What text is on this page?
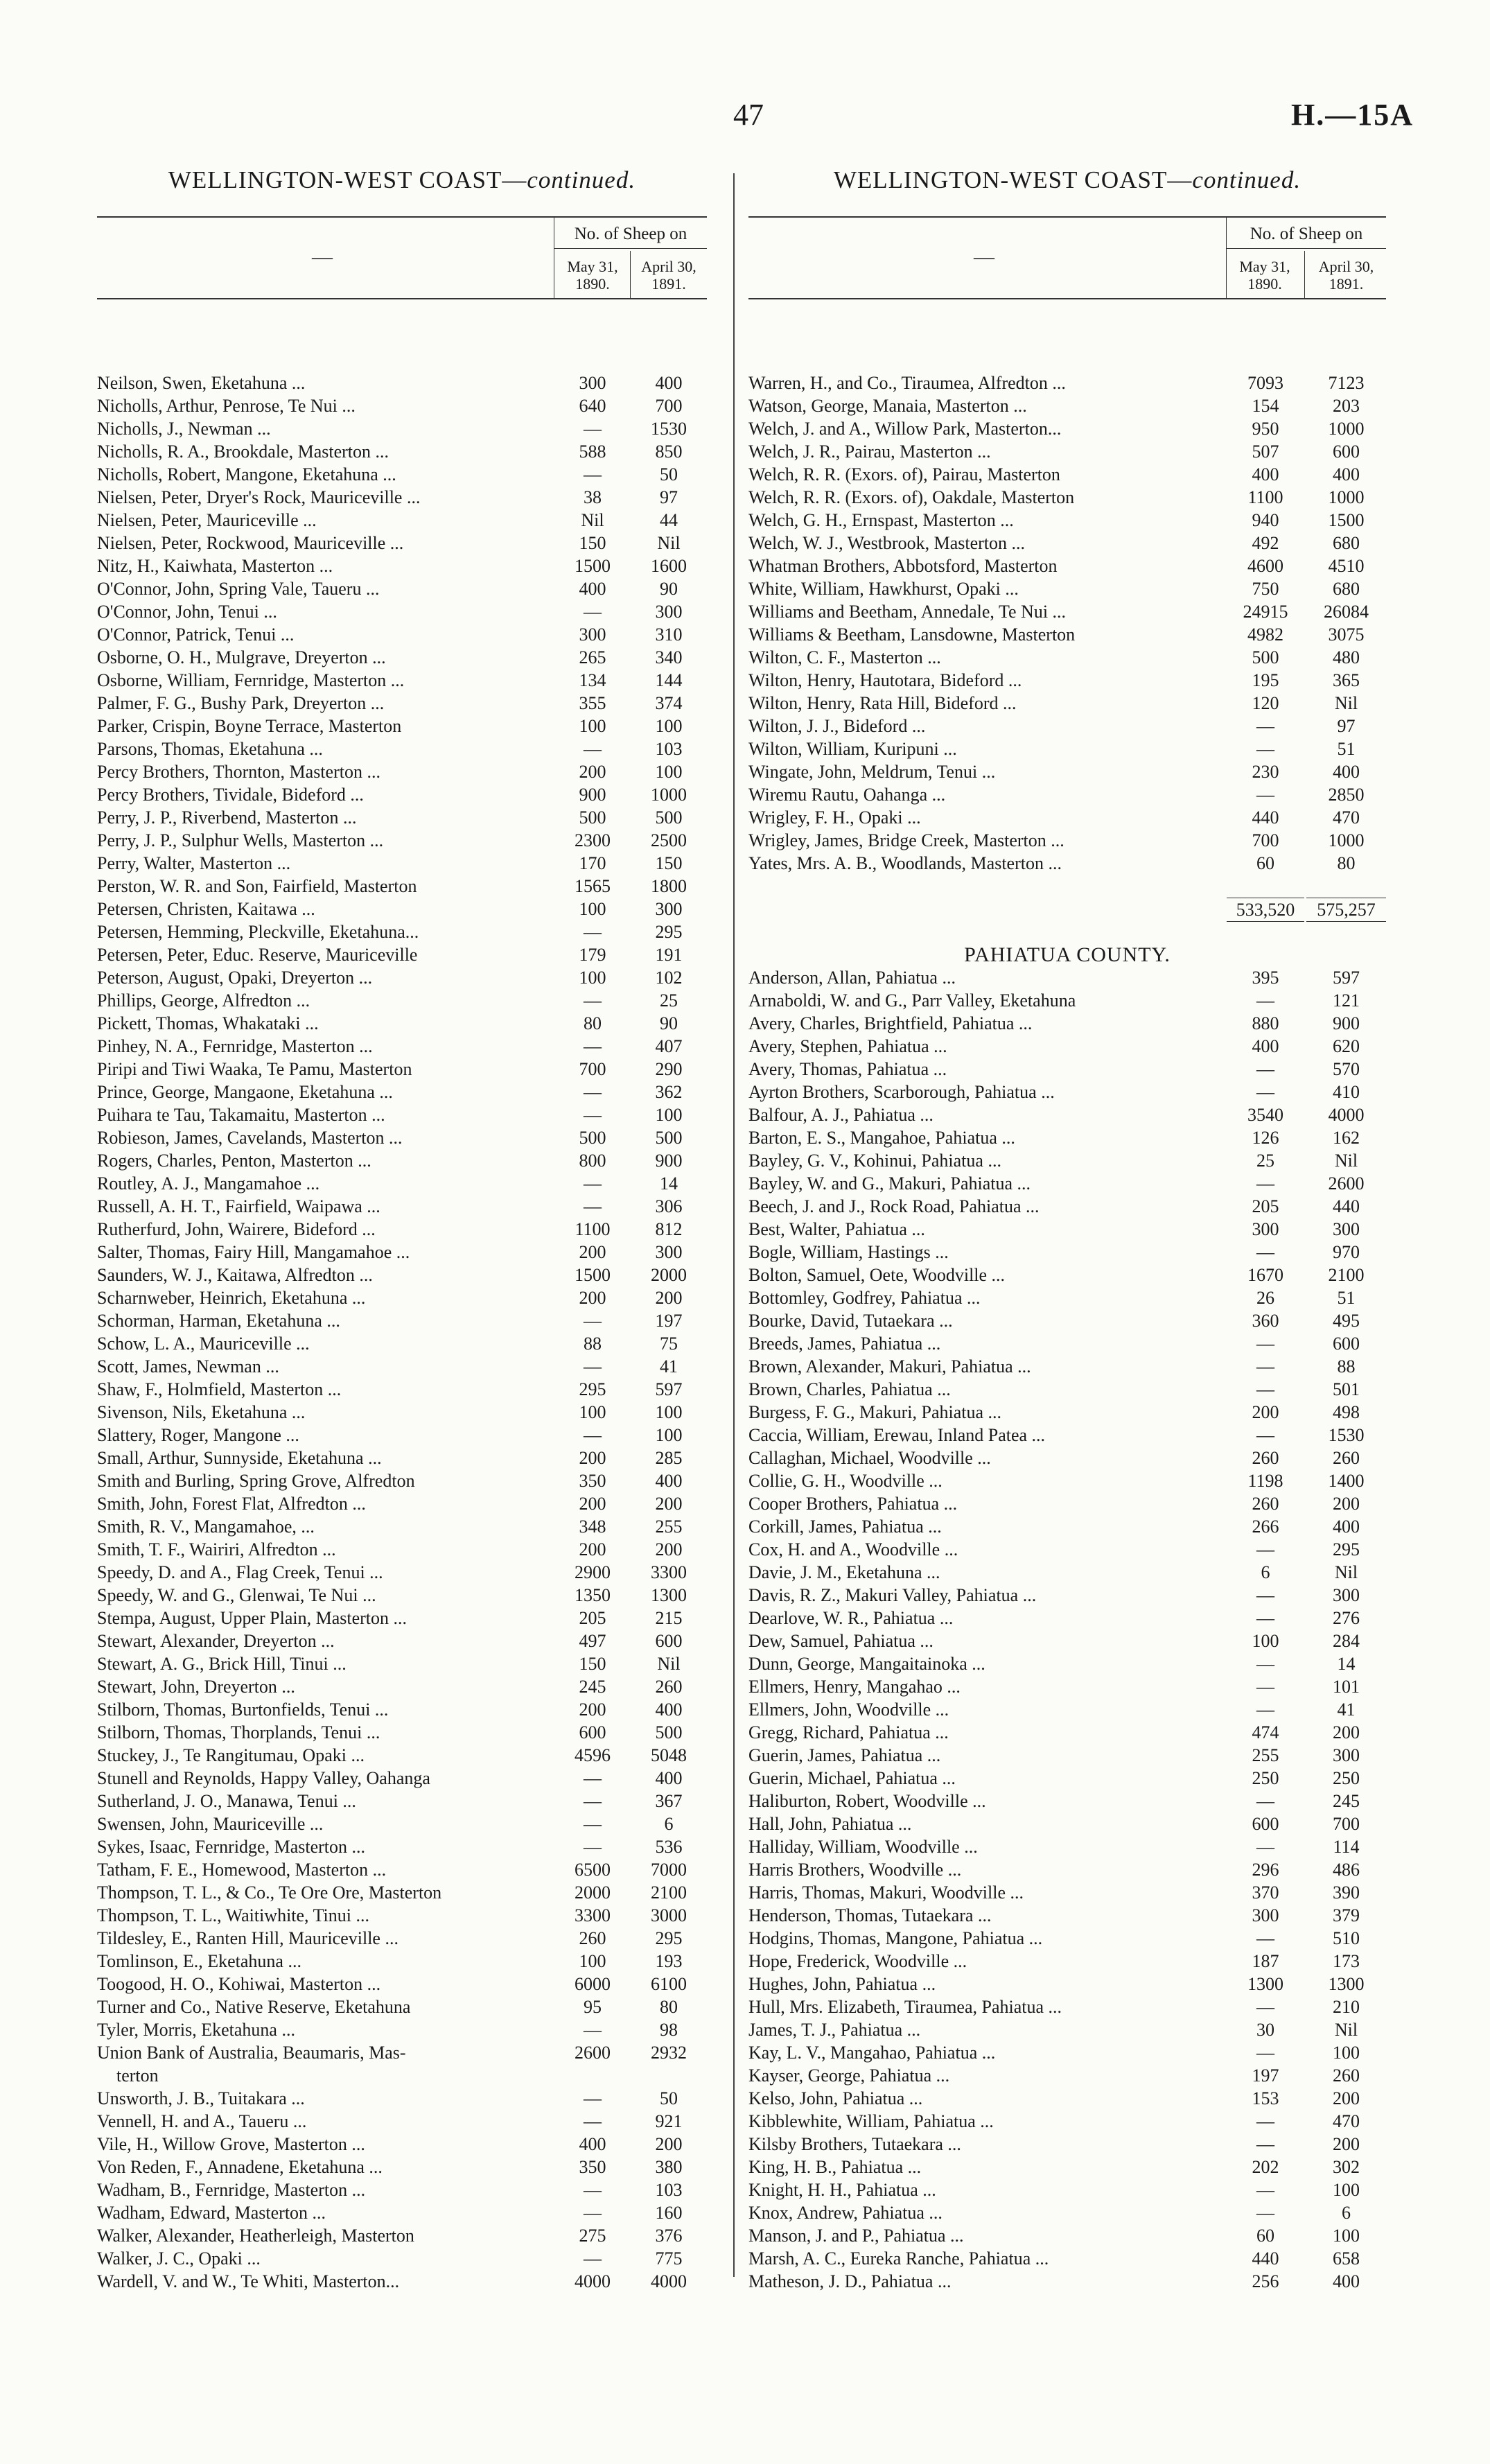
47	H.—15A
WELLINGTON-WEST COAST—continued.
—
No. of Sheep on
May 31,
1890.
April 30,
1891.
Neilson, Swen, Eketahuna ...	300	400
Nicholls, Arthur, Penrose, Te Nui ...	640	700
Nicholls, J., Newman ...	—	1530
Nicholls, R. A., Brookdale, Masterton ...	588	850
Nicholls, Robert, Mangone, Eketahuna ...	—	50
Nielsen, Peter, Dryer's Rock, Mauriceville ...	38	97
Nielsen, Peter, Mauriceville ...	Nil	44
Nielsen, Peter, Rockwood, Mauriceville ...	150	Nil
Nitz, H., Kaiwhata, Masterton ...	1500	1600
O'Connor, John, Spring Vale, Taueru ...	400	90
O'Connor, John, Tenui ...	—	300
O'Connor, Patrick, Tenui ...	300	310
Osborne, O. H., Mulgrave, Dreyerton ...	265	340
Osborne, William, Fernridge, Masterton ...	134	144
Palmer, F. G., Bushy Park, Dreyerton ...	355	374
Parker, Crispin, Boyne Terrace, Masterton	100	100
Parsons, Thomas, Eketahuna ...	—	103
Percy Brothers, Thornton, Masterton ...	200	100
Percy Brothers, Tividale, Bideford ...	900	1000
Perry, J. P., Riverbend, Masterton ...	500	500
Perry, J. P., Sulphur Wells, Masterton ...	2300	2500
Perry, Walter, Masterton ...	170	150
Perston, W. R. and Son, Fairfield, Masterton	1565	1800
Petersen, Christen, Kaitawa ...	100	300
Petersen, Hemming, Pleckville, Eketahuna...	—	295
Petersen, Peter, Educ. Reserve, Mauriceville	179	191
Peterson, August, Opaki, Dreyerton ...	100	102
Phillips, George, Alfredton ...	—	25
Pickett, Thomas, Whakataki ...	80	90
Pinhey, N. A., Fernridge, Masterton ...	—	407
Piripi and Tiwi Waaka, Te Pamu, Masterton	700	290
Prince, George, Mangaone, Eketahuna ...	—	362
Puihara te Tau, Takamaitu, Masterton ...	—	100
Robieson, James, Cavelands, Masterton ...	500	500
Rogers, Charles, Penton, Masterton ...	800	900
Routley, A. J., Mangamahoe ...	—	14
Russell, A. H. T., Fairfield, Waipawa ...	—	306
Rutherfurd, John, Wairere, Bideford ...	1100	812
Salter, Thomas, Fairy Hill, Mangamahoe ...	200	300
Saunders, W. J., Kaitawa, Alfredton ...	1500	2000
Scharnweber, Heinrich, Eketahuna ...	200	200
Schorman, Harman, Eketahuna ...	—	197
Schow, L. A., Mauriceville ...	88	75
Scott, James, Newman ...	—	41
Shaw, F., Holmfield, Masterton ...	295	597
Sivenson, Nils, Eketahuna ...	100	100
Slattery, Roger, Mangone ...	—	100
Small, Arthur, Sunnyside, Eketahuna ...	200	285
Smith and Burling, Spring Grove, Alfredton	350	400
Smith, John, Forest Flat, Alfredton ...	200	200
Smith, R. V., Mangamahoe, ...	348	255
Smith, T. F., Wairiri, Alfredton ...	200	200
Speedy, D. and A., Flag Creek, Tenui ...	2900	3300
Speedy, W. and G., Glenwai, Te Nui ...	1350	1300
Stempa, August, Upper Plain, Masterton ...	205	215
Stewart, Alexander, Dreyerton ...	497	600
Stewart, A. G., Brick Hill, Tinui ...	150	Nil
Stewart, John, Dreyerton ...	245	260
Stilborn, Thomas, Burtonfields, Tenui ...	200	400
Stilborn, Thomas, Thorplands, Tenui ...	600	500
Stuckey, J., Te Rangitumau, Opaki ...	4596	5048
Stunell and Reynolds, Happy Valley, Oahanga	—	400
Sutherland, J. O., Manawa, Tenui ...	—	367
Swensen, John, Mauriceville ...	—	6
Sykes, Isaac, Fernridge, Masterton ...	—	536
Tatham, F. E., Homewood, Masterton ...	6500	7000
Thompson, T. L., & Co., Te Ore Ore, Masterton	2000	2100
Thompson, T. L., Waitiwhite, Tinui ...	3300	3000
Tildesley, E., Ranten Hill, Mauriceville ...	260	295
Tomlinson, E., Eketahuna ...	100	193
Toogood, H. O., Kohiwai, Masterton ...	6000	6100
Turner and Co., Native Reserve, Eketahuna	95	80
Tyler, Morris, Eketahuna ...	—	98
Union Bank of Australia, Beaumaris, Mas-	2600	2932
terton
Unsworth, J. B., Tuitakara ...	—	50
Vennell, H. and A., Taueru ...	—	921
Vile, H., Willow Grove, Masterton ...	400	200
Von Reden, F., Annadene, Eketahuna ...	350	380
Wadham, B., Fernridge, Masterton ...	—	103
Wadham, Edward, Masterton ...	—	160
Walker, Alexander, Heatherleigh, Masterton	275	376
Walker, J. C., Opaki ...	—	775
Wardell, V. and W., Te Whiti, Masterton...	4000	4000
WELLINGTON-WEST COAST—continued.
—
No. of Sheep on
May 31,
1890.
April 30,
1891.
Warren, H., and Co., Tiraumea, Alfredton ...	7093	7123
Watson, George, Manaia, Masterton ...	154	203
Welch, J. and A., Willow Park, Masterton...	950	1000
Welch, J. R., Pairau, Masterton ...	507	600
Welch, R. R. (Exors. of), Pairau, Masterton	400	400
Welch, R. R. (Exors. of), Oakdale, Masterton	1100	1000
Welch, G. H., Ernspast, Masterton ...	940	1500
Welch, W. J., Westbrook, Masterton ...	492	680
Whatman Brothers, Abbotsford, Masterton	4600	4510
White, William, Hawkhurst, Opaki ...	750	680
Williams and Beetham, Annedale, Te Nui ...	24915	26084
Williams & Beetham, Lansdowne, Masterton	4982	3075
Wilton, C. F., Masterton ...	500	480
Wilton, Henry, Hautotara, Bideford ...	195	365
Wilton, Henry, Rata Hill, Bideford ...	120	Nil
Wilton, J. J., Bideford ...	—	97
Wilton, William, Kuripuni ...	—	51
Wingate, John, Meldrum, Tenui ...	230	400
Wiremu Rautu, Oahanga ...	—	2850
Wrigley, F. H., Opaki ...	440	470
Wrigley, James, Bridge Creek, Masterton ...	700	1000
Yates, Mrs. A. B., Woodlands, Masterton ...	60	80
533,520	575,257
PAHIATUA COUNTY.
Anderson, Allan, Pahiatua ...	395	597
Arnaboldi, W. and G., Parr Valley, Eketahuna	—	121
Avery, Charles, Brightfield, Pahiatua ...	880	900
Avery, Stephen, Pahiatua ...	400	620
Avery, Thomas, Pahiatua ...	—	570
Ayrton Brothers, Scarborough, Pahiatua ...	—	410
Balfour, A. J., Pahiatua ...	3540	4000
Barton, E. S., Mangahoe, Pahiatua ...	126	162
Bayley, G. V., Kohinui, Pahiatua ...	25	Nil
Bayley, W. and G., Makuri, Pahiatua ...	—	2600
Beech, J. and J., Rock Road, Pahiatua ...	205	440
Best, Walter, Pahiatua ...	300	300
Bogle, William, Hastings ...	—	970
Bolton, Samuel, Oete, Woodville ...	1670	2100
Bottomley, Godfrey, Pahiatua ...	26	51
Bourke, David, Tutaekara ...	360	495
Breeds, James, Pahiatua ...	—	600
Brown, Alexander, Makuri, Pahiatua ...	—	88
Brown, Charles, Pahiatua ...	—	501
Burgess, F. G., Makuri, Pahiatua ...	200	498
Caccia, William, Erewau, Inland Patea ...	—	1530
Callaghan, Michael, Woodville ...	260	260
Collie, G. H., Woodville ...	1198	1400
Cooper Brothers, Pahiatua ...	260	200
Corkill, James, Pahiatua ...	266	400
Cox, H. and A., Woodville ...	—	295
Davie, J. M., Eketahuna ...	6	Nil
Davis, R. Z., Makuri Valley, Pahiatua ...	—	300
Dearlove, W. R., Pahiatua ...	—	276
Dew, Samuel, Pahiatua ...	100	284
Dunn, George, Mangaitainoka ...	—	14
Ellmers, Henry, Mangahao ...	—	101
Ellmers, John, Woodville ...	—	41
Gregg, Richard, Pahiatua ...	474	200
Guerin, James, Pahiatua ...	255	300
Guerin, Michael, Pahiatua ...	250	250
Haliburton, Robert, Woodville ...	—	245
Hall, John, Pahiatua ...	600	700
Halliday, William, Woodville ...	—	114
Harris Brothers, Woodville ...	296	486
Harris, Thomas, Makuri, Woodville ...	370	390
Henderson, Thomas, Tutaekara ...	300	379
Hodgins, Thomas, Mangone, Pahiatua ...	—	510
Hope, Frederick, Woodville ...	187	173
Hughes, John, Pahiatua ...	1300	1300
Hull, Mrs. Elizabeth, Tiraumea, Pahiatua ...	—	210
James, T. J., Pahiatua ...	30	Nil
Kay, L. V., Mangahao, Pahiatua ...	—	100
Kayser, George, Pahiatua ...	197	260
Kelso, John, Pahiatua ...	153	200
Kibblewhite, William, Pahiatua ...	—	470
Kilsby Brothers, Tutaekara ...	—	200
King, H. B., Pahiatua ...	202	302
Knight, H. H., Pahiatua ...	—	100
Knox, Andrew, Pahiatua ...	—	6
Manson, J. and P., Pahiatua ...	60	100
Marsh, A. C., Eureka Ranche, Pahiatua ...	440	658
Matheson, J. D., Pahiatua ...	256	400
